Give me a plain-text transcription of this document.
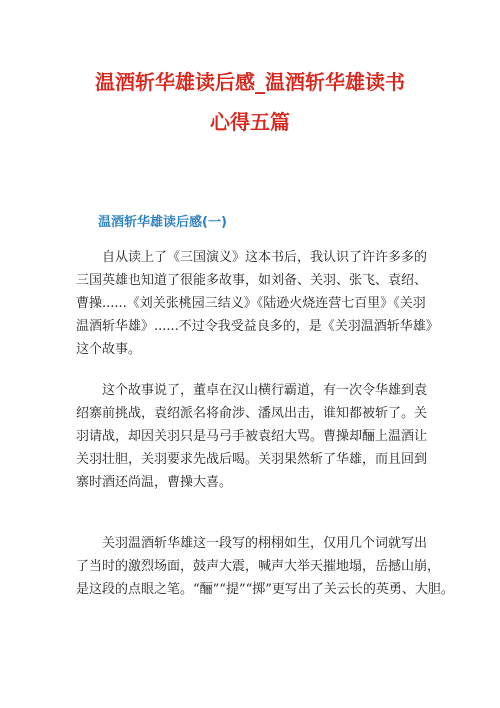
温酒斩华雄读后感_温酒斩华雄读书
心得五篇
温酒斩华雄读后感(一)
自从读上了《三国演义》这本书后，我认识了许许多多的
三国英雄也知道了很能多故事，如刘备、关羽、张飞、袁绍、
曹操......《刘关张桃园三结义》《陆逊火烧连营七百里》《关羽
温酒斩华雄》......不过令我受益良多的，是《关羽温酒斩华雄》
这个故事。
这个故事说了，董卓在汉山横行霸道，有一次令华雄到袁
绍寨前挑战，袁绍派名将俞涉、潘凤出击，谁知都被斩了。关
羽请战，却因关羽只是马弓手被袁绍大骂。曹操却酾上温酒让
关羽壮胆，关羽要求先战后喝。关羽果然斩了华雄，而且回到
寨时酒还尚温，曹操大喜。
关羽温酒斩华雄这一段写的栩栩如生，仅用几个词就写出
了当时的激烈场面，鼓声大震，喊声大举天摧地塌，岳撼山崩，
是这段的点眼之笔。“酾”“提”“掷”更写出了关云长的英勇、大胆。
